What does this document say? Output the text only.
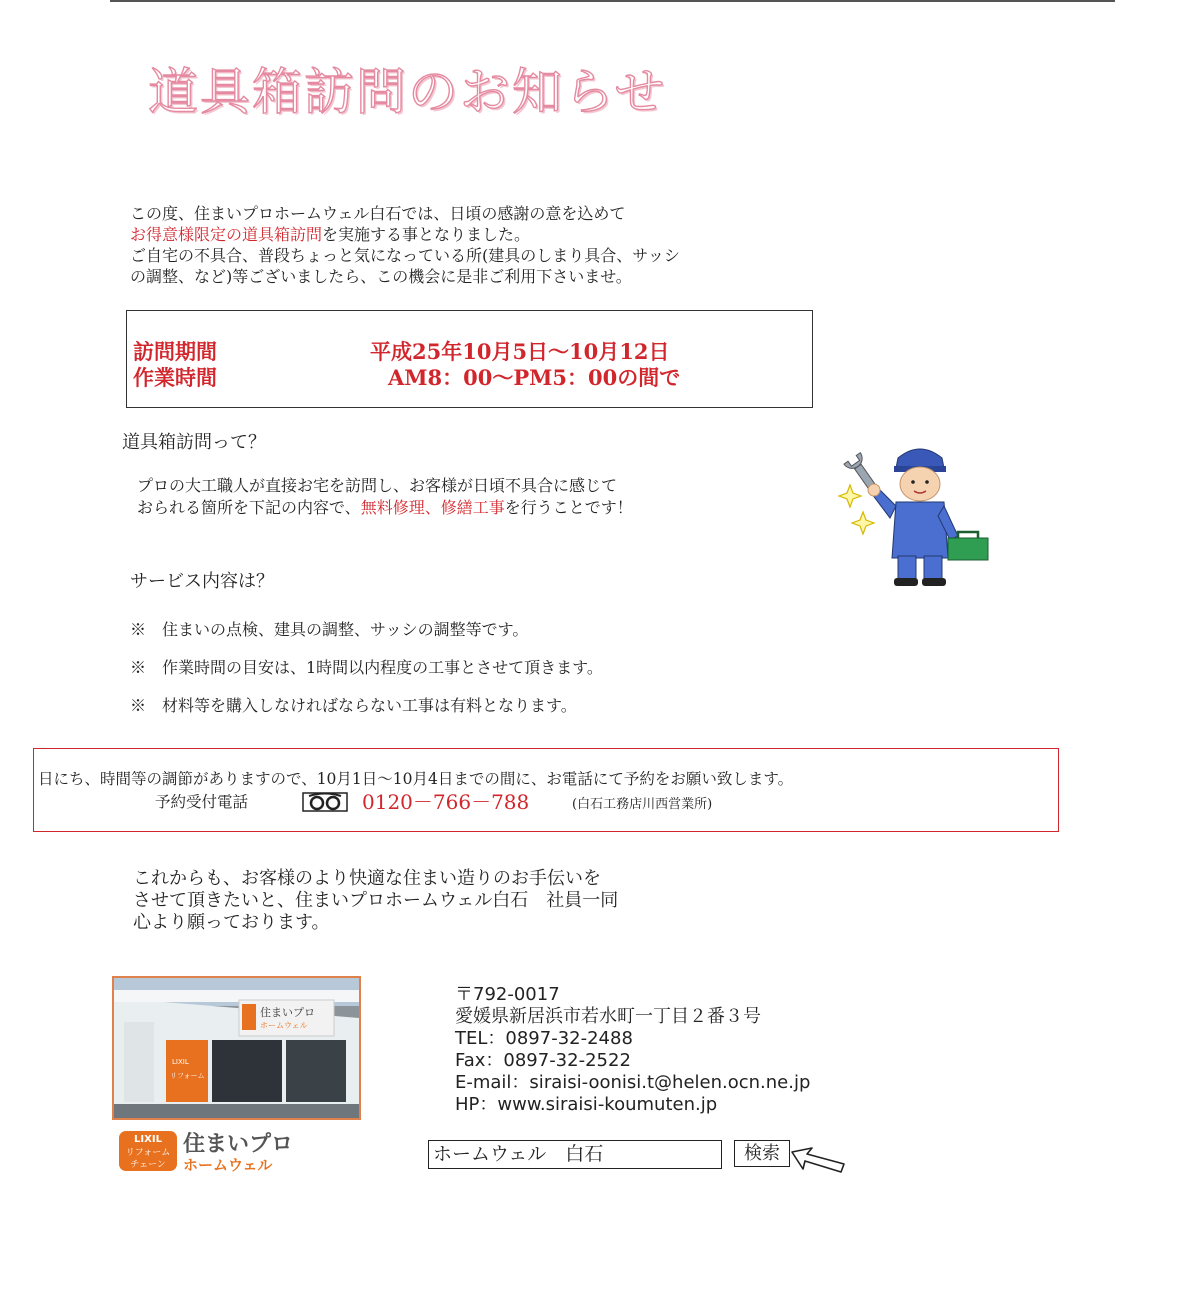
道具箱訪問のお知らせ
この度、住まいプロホームウェル白石では、日頃の感謝の意を込めて
お得意様限定の道具箱訪問を実施する事となりました。
ご自宅の不具合、普段ちょっと気になっている所(建具のしまり具合、サッシ
の調整、など)等ございましたら、この機会に是非ご利用下さいませ。
訪問期間	平成25年10月5日～10月12日
作業時間	AM8：00～PM5：00の間で
道具箱訪問って？
プロの大工職人が直接お宅を訪問し、お客様が日頃不具合に感じて
おられる箇所を下記の内容で、無料修理、修繕工事を行うことです！
サービス内容は？
※　住まいの点検、建具の調整、サッシの調整等です。
※　作業時間の目安は、1時間以内程度の工事とさせて頂きます。
※　材料等を購入しなければならない工事は有料となります。
日にち、時間等の調節がありますので、10月1日～10月4日までの間に、お電話にて予約をお願い致します。
予約受付電話	0120－766－788	(白石工務店川西営業所)
これからも、お客様のより快適な住まい造りのお手伝いを
させて頂きたいと、住まいプロホームウェル白石　社員一同
心より願っております。
住まいプロ
ホームウェル
LIXIL
リフォーム
LIXIL
リフォーム
チェーン
住まいプロ
ホームウェル
〒792-0017
愛媛県新居浜市若水町一丁目２番３号
TEL：0897-32-2488
Fax：0897-32-2522
E-mail：siraisi-oonisi.t@helen.ocn.ne.jp
HP：www.siraisi-koumuten.jp
ホームウェル　白石	検索
